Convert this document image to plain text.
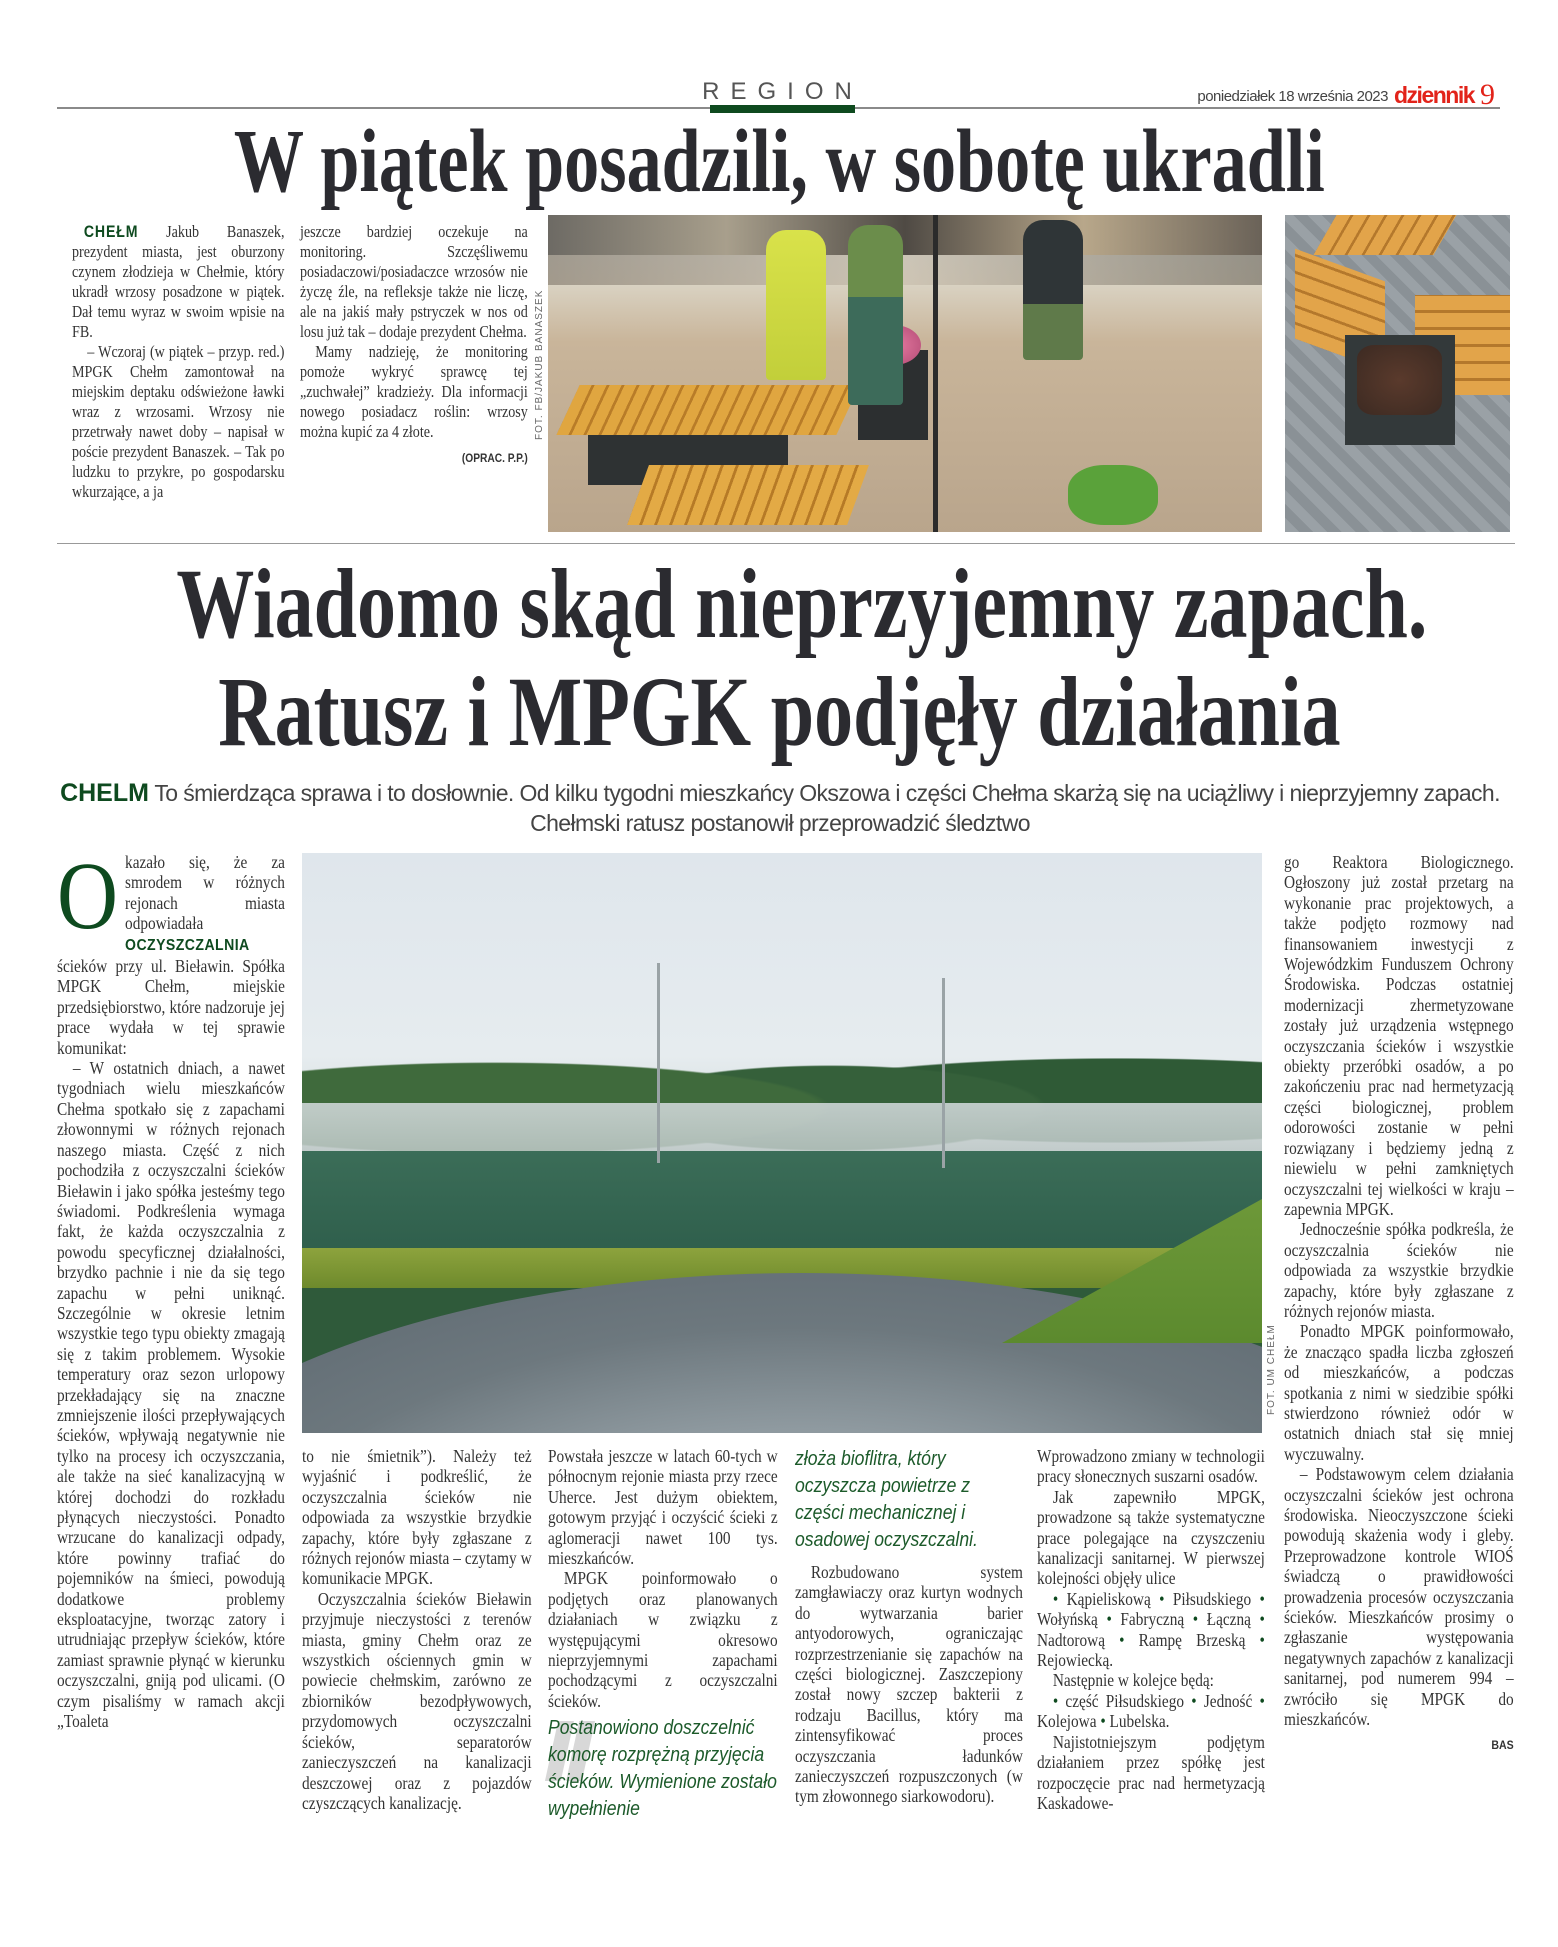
REGION	poniedziałek 18 września 2023 dziennik 9
W piątek posadzili, w sobotę ukradli

CHEŁM Jakub Banaszek, prezydent miasta, jest oburzony czynem złodzieja w Chełmie, który ukradł wrzosy posadzone w piątek. Dał temu wyraz w swoim wpisie na FB.

– Wczoraj (w piątek – przyp. red.) MPGK Chełm zamontował na miejskim deptaku odświeżone ławki wraz z wrzosami. Wrzosy nie przetrwały nawet doby – napisał w poście prezydent Banaszek. – Tak po ludzku to przykre, po gospodarsku wkurzające, a ja

jeszcze bardziej oczekuje na monitoring. Szczęśliwemu posiadaczowi/posiadaczce wrzosów nie życzę źle, na refleksje także nie liczę, ale na jakiś mały pstryczek w nos od losu już tak – dodaje prezydent Chełma.

Mamy nadzieję, że monitoring pomoże wykryć sprawcę tej „zuchwałej” kradzieży. Dla informacji nowego posiadacz roślin: wrzosy można kupić za 4 złote.

(OPRAC. P.P.)
FOT. FB/JAKUB BANASZEK
Wiadomo skąd nieprzyjemny zapach.
Ratusz i MPGK podjęły działania
CHELM To śmierdząca sprawa i to dosłownie. Od kilku tygodni mieszkańcy Okszowa i części Chełma skarżą się na uciążliwy i nieprzyjemny zapach. Chełmski ratusz postanowił przeprowadzić śledztwo
FOT. UM CHEŁM

Okazało się, że za smrodem w różnych rejonach miasta odpowiadała OCZYSZCZALNIA ścieków przy ul. Bieławin. Spółka MPGK Chełm, miejskie przedsiębiorstwo, które nadzoruje jej prace wydała w tej sprawie komunikat:

– W ostatnich dniach, a nawet tygodniach wielu mieszkańców Chełma spotkało się z zapachami złowonnymi w różnych rejonach naszego miasta. Część z nich pochodziła z oczyszczalni ścieków Bieławin i jako spółka jesteśmy tego świadomi. Podkreślenia wymaga fakt, że każda oczyszczalnia z powodu specyficznej działalności, brzydko pachnie i nie da się tego zapachu w pełni uniknąć. Szczególnie w okresie letnim wszystkie tego typu obiekty zmagają się z takim problemem. Wysokie temperatury oraz sezon urlopowy przekładający się na znaczne zmniejszenie ilości przepływających ścieków, wpływają negatywnie nie tylko na procesy ich oczyszczania, ale także na sieć kanalizacyjną w której dochodzi do rozkładu płynących nieczystości. Ponadto wrzucane do kanalizacji odpady, które powinny trafiać do pojemników na śmieci, powodują dodatkowe problemy eksploatacyjne, tworząc zatory i utrudniając przepływ ścieków, które zamiast sprawnie płynąć w kierunku oczyszczalni, gniją pod ulicami. (O czym pisaliśmy w ramach akcji „Toaleta

to nie śmietnik”). Należy też wyjaśnić i podkreślić, że oczyszczalnia ścieków nie odpowiada za wszystkie brzydkie zapachy, które były zgłaszane z różnych rejonów miasta – czytamy w komunikacie MPGK.

Oczyszczalnia ścieków Bieławin przyjmuje nieczystości z terenów miasta, gminy Chełm oraz ze wszystkich ościennych gmin w powiecie chełmskim, zarówno ze zbiorników bezodpływowych, przydomowych oczyszczalni ścieków, separatorów zanieczyszczeń na kanalizacji deszczowej oraz z pojazdów czyszczących kanalizację.

Powstała jeszcze w latach 60-tych w północnym rejonie miasta przy rzece Uherce. Jest dużym obiektem, gotowym przyjąć i oczyścić ścieki z aglomeracji nawet 100 tys. mieszkańców.

MPGK poinformowało o podjętych oraz planowanych działaniach w związku z występującymi okresowo nieprzyjemnymi zapachami pochodzącymi z oczyszczalni ścieków.

Postanowiono doszczelnić komorę rozprężną przyjęcia ścieków. Wymienione zostało wypełnienie
złoża bioflitra, który oczyszcza powietrze z części mechanicznej i osadowej oczyszczalni.

Rozbudowano system zamgławiaczy oraz kurtyn wodnych do wytwarzania barier antyodorowych, ograniczając rozprzestrzenianie się zapachów na części biologicznej. Zaszczepiony został nowy szczep bakterii z rodzaju Bacillus, który ma zintensyfikować proces oczyszczania ładunków zanieczyszczeń rozpuszczonych (w tym złowonnego siarkowodoru).

Wprowadzono zmiany w technologii pracy słonecznych suszarni osadów.

Jak zapewniło MPGK, prowadzone są także systematyczne prace polegające na czyszczeniu kanalizacji sanitarnej. W pierwszej kolejności objęły ulice

• Kąpieliskową • Piłsudskiego • Wołyńską • Fabryczną • Łączną • Nadtorową • Rampę Brzeską • Rejowiecką.

Następnie w kolejce będą:

• część Piłsudskiego • Jedność • Kolejowa • Lubelska.

Najistotniejszym podjętym działaniem przez spółkę jest rozpoczęcie prac nad hermetyzacją Kaskadowe-

go Reaktora Biologicznego. Ogłoszony już został przetarg na wykonanie prac projektowych, a także podjęto rozmowy nad finansowaniem inwestycji z Wojewódzkim Funduszem Ochrony Środowiska. Podczas ostatniej modernizacji zhermetyzowane zostały już urządzenia wstępnego oczyszczania ścieków i wszystkie obiekty przeróbki osadów, a po zakończeniu prac nad hermetyzacją części biologicznej, problem odorowości zostanie w pełni rozwiązany i będziemy jedną z niewielu w pełni zamkniętych oczyszczalni tej wielkości w kraju – zapewnia MPGK.

Jednocześnie spółka podkreśla, że oczyszczalnia ścieków nie odpowiada za wszystkie brzydkie zapachy, które były zgłaszane z różnych rejonów miasta.

Ponadto MPGK poinformowało, że znacząco spadła liczba zgłoszeń od mieszkańców, a podczas spotkania z nimi w siedzibie spółki stwierdzono również odór w ostatnich dniach stał się mniej wyczuwalny.

– Podstawowym celem działania oczyszczalni ścieków jest ochrona środowiska. Nieoczyszczone ścieki powodują skażenia wody i gleby. Przeprowadzone kontrole WIOŚ świadczą o prawidłowości prowadzenia procesów oczyszczania ścieków. Mieszkańców prosimy o zgłaszanie występowania negatywnych zapachów z kanalizacji sanitarnej, pod numerem 994 – zwróciło się MPGK do mieszkańców.

BAS
